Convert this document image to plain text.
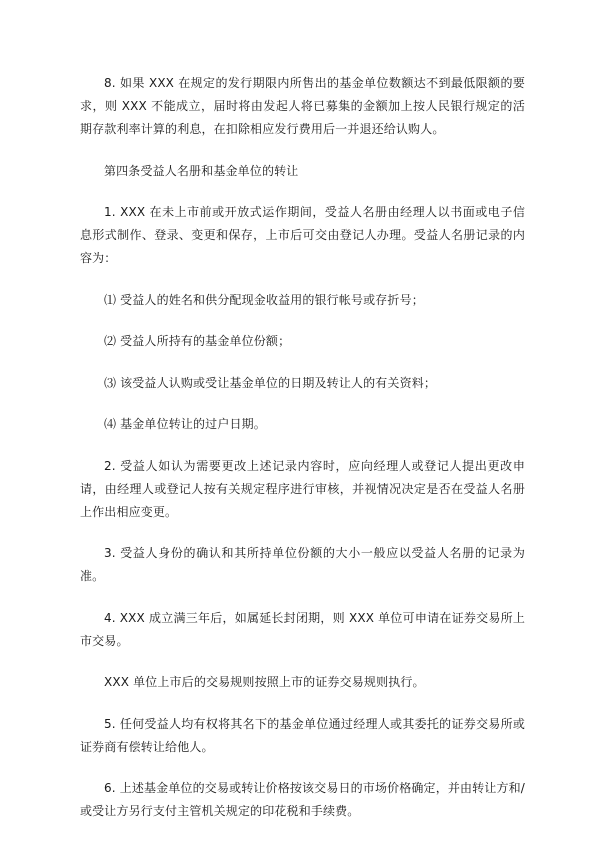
8. 如果 XXX 在规定的发行期限内所售出的基金单位数额达不到最低限额的要求，则 XXX 不能成立，届时将由发起人将已募集的金额加上按人民银行规定的活期存款利率计算的利息，在扣除相应发行费用后一并退还给认购人。

第四条受益人名册和基金单位的转让

1. XXX 在未上市前或开放式运作期间，受益人名册由经理人以书面或电子信息形式制作、登录、变更和保存，上市后可交由登记人办理。受益人名册记录的内容为：

⑴ 受益人的姓名和供分配现金收益用的银行帐号或存折号；

⑵ 受益人所持有的基金单位份额；

⑶ 该受益人认购或受让基金单位的日期及转让人的有关资料；

⑷ 基金单位转让的过户日期。

2. 受益人如认为需要更改上述记录内容时，应向经理人或登记人提出更改申请，由经理人或登记人按有关规定程序进行审核，并视情况决定是否在受益人名册上作出相应变更。

3. 受益人身份的确认和其所持单位份额的大小一般应以受益人名册的记录为准。

4. XXX 成立满三年后，如属延长封闭期，则 XXX 单位可申请在证券交易所上市交易。

XXX 单位上市后的交易规则按照上市的证券交易规则执行。

5. 任何受益人均有权将其名下的基金单位通过经理人或其委托的证券交易所或证券商有偿转让给他人。

6. 上述基金单位的交易或转让价格按该交易日的市场价格确定，并由转让方和/或受让方另行支付主管机关规定的印花税和手续费。
